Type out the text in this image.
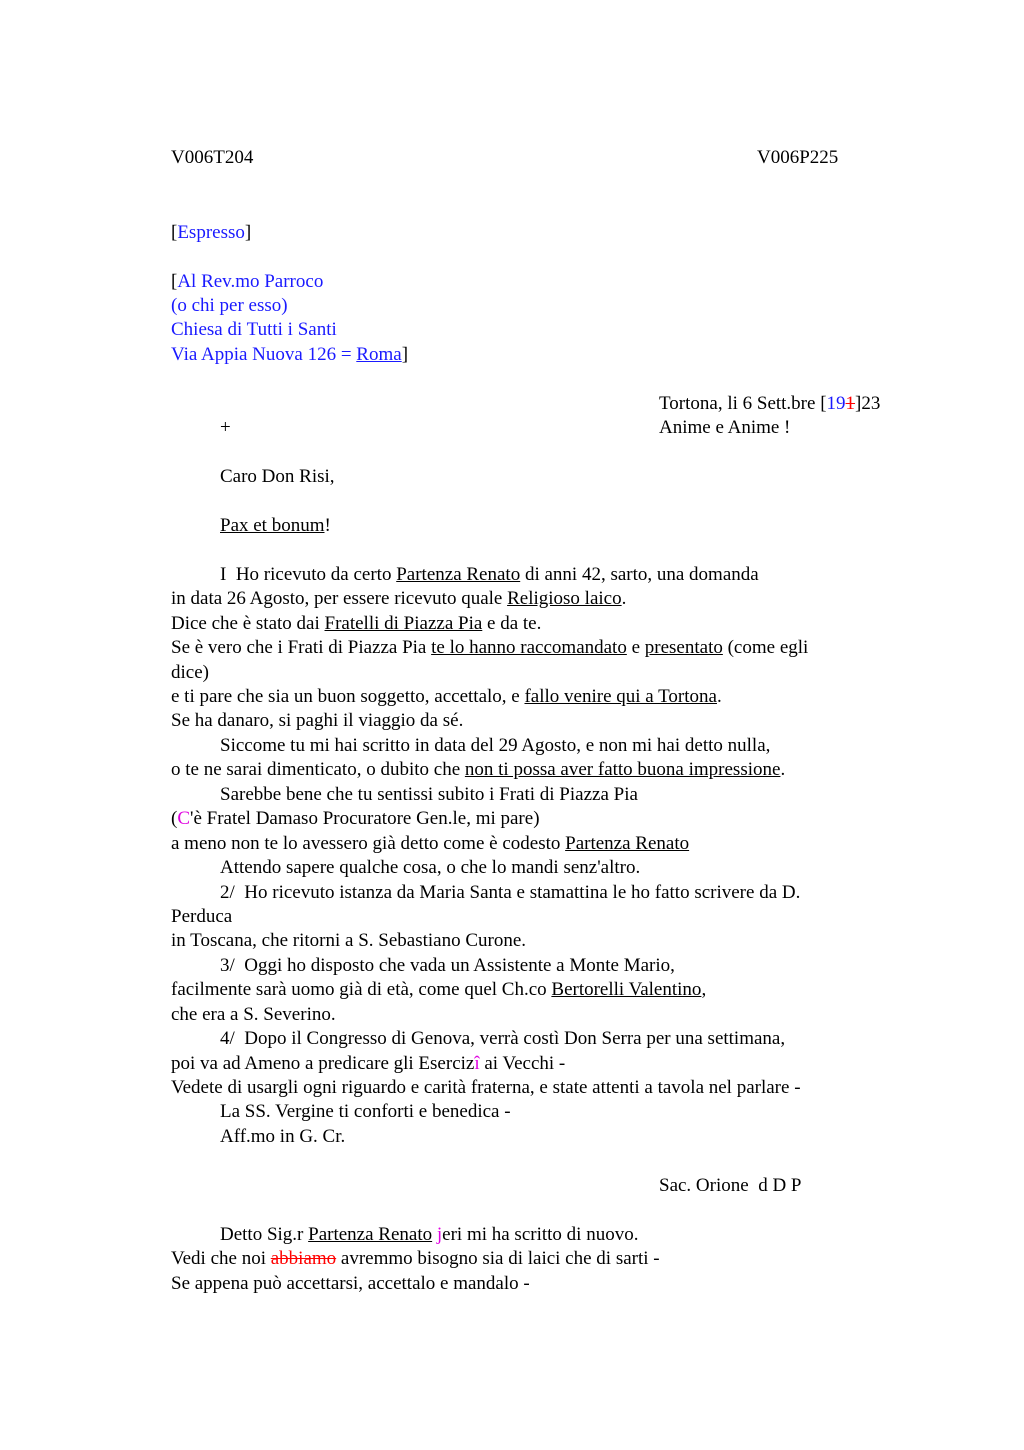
V006T204	V006P225
[Espresso]
[Al Rev.mo Parroco
(o chi per esso)
Chiesa di Tutti i Santi
Via Appia Nuova 126 = Roma]
Tortona, li 6 Sett.bre [191]23
+	Anime e Anime !
Caro Don Risi,
Pax et bonum!
I  Ho ricevuto da certo Partenza Renato di anni 42, sarto, una domanda
in data 26 Agosto, per essere ricevuto quale Religioso laico.
Dice che è stato dai Fratelli di Piazza Pia e da te.
Se è vero che i Frati di Piazza Pia te lo hanno raccomandato e presentato (come egli
dice)
e ti pare che sia un buon soggetto, accettalo, e fallo venire qui a Tortona.
Se ha danaro, si paghi il viaggio da sé.
Siccome tu mi hai scritto in data del 29 Agosto, e non mi hai detto nulla,
o te ne sarai dimenticato, o dubito che non ti possa aver fatto buona impressione.
Sarebbe bene che tu sentissi subito i Frati di Piazza Pia
(C'è Fratel Damaso Procuratore Gen.le, mi pare)
a meno non te lo avessero già detto come è codesto Partenza Renato
Attendo sapere qualche cosa, o che lo mandi senz'altro.
2/  Ho ricevuto istanza da Maria Santa e stamattina le ho fatto scrivere da D.
Perduca
in Toscana, che ritorni a S. Sebastiano Curone.
3/  Oggi ho disposto che vada un Assistente a Monte Mario,
facilmente sarà uomo già di età, come quel Ch.co Bertorelli Valentino,
che era a S. Severino.
4/  Dopo il Congresso di Genova, verrà costì Don Serra per una settimana,
poi va ad Ameno a predicare gli Esercizî ai Vecchi -
Vedete di usargli ogni riguardo e carità fraterna, e state attenti a tavola nel parlare -
La SS. Vergine ti conforti e benedica -
Aff.mo in G. Cr.
Sac. Orione  d D P
Detto Sig.r Partenza Renato jeri mi ha scritto di nuovo.
Vedi che noi abbiamo avremmo bisogno sia di laici che di sarti -
Se appena può accettarsi, accettalo e mandalo -
